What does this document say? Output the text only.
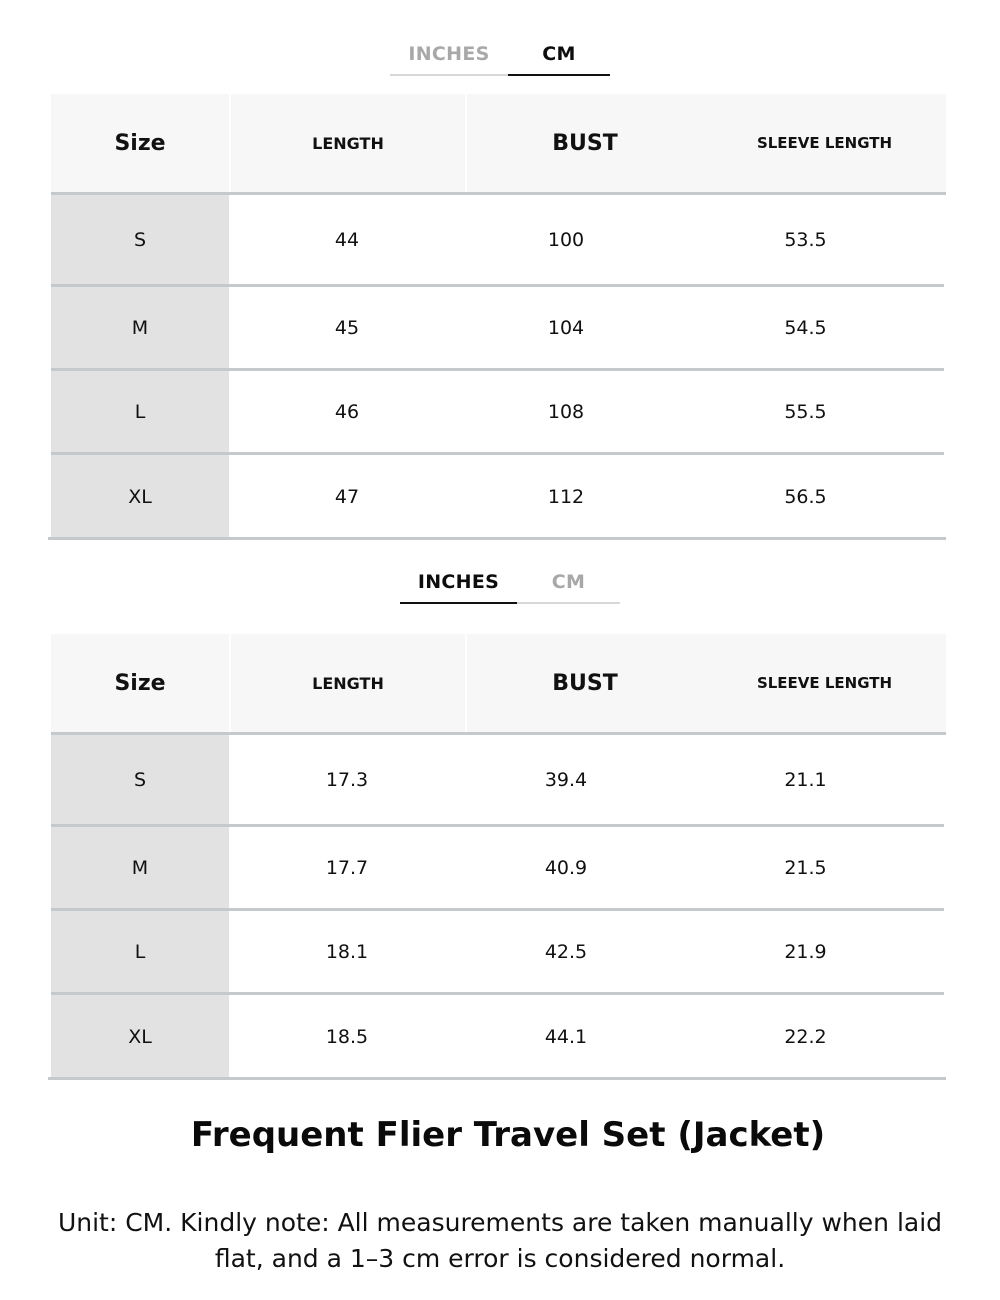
INCHES	CM
Size	LENGTH	BUST	SLEEVE LENGTH
S	44	100	53.5
M	45	104	54.5
L	46	108	55.5
XL	47	112	56.5
INCHES	CM
Size	LENGTH	BUST	SLEEVE LENGTH
S	17.3	39.4	21.1
M	17.7	40.9	21.5
L	18.1	42.5	21.9
XL	18.5	44.1	22.2
Frequent Flier Travel Set (Jacket)
Unit: CM. Kindly note: All measurements are taken manually when laid
flat, and a 1–3 cm error is considered normal.
